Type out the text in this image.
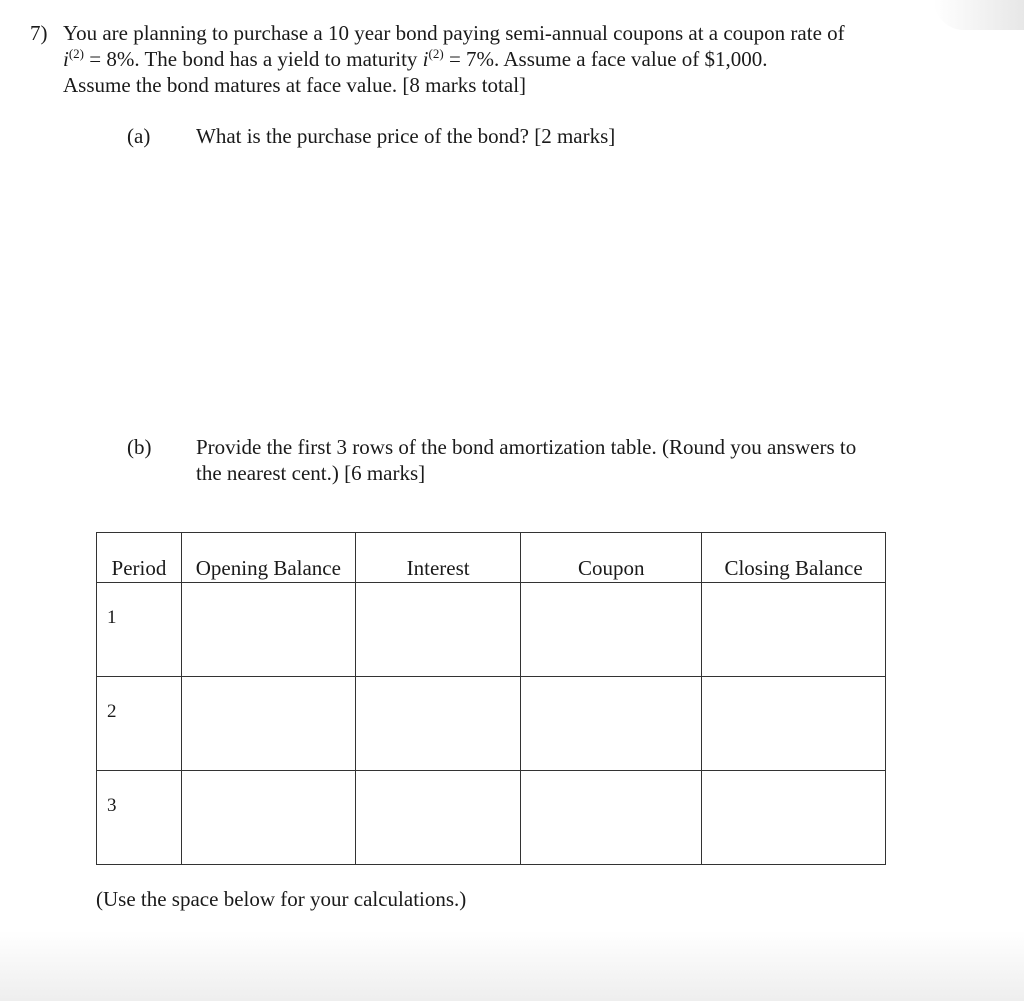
7) You are planning to purchase a 10 year bond paying semi-annual coupons at a coupon rate of
$i^{(2)} = 8\%$. The bond has a yield to maturity $i^{(2)} = 7\%$. Assume a face value of $1,000.
Assume the bond matures at face value. [8 marks total]
(a) What is the purchase price of the bond? [2 marks]
(b) Provide the first 3 rows of the bond amortization table. (Round you answers to
the nearest cent.) [6 marks]
Period	Opening Balance	Interest	Coupon	Closing Balance

1				

2				

3				

(Use the space below for your calculations.)
